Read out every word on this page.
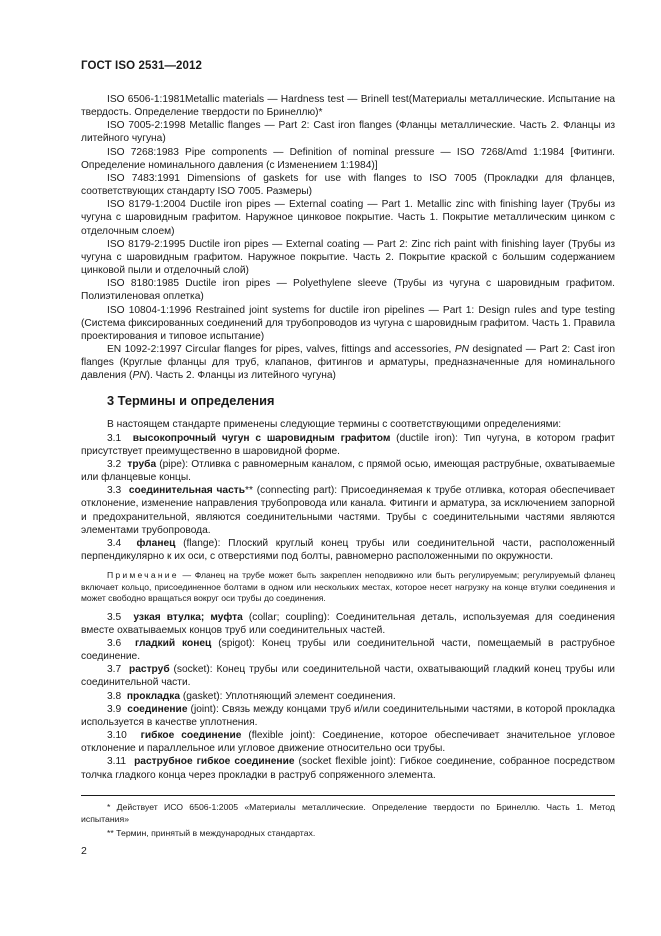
ГОСТ ISO 2531—2012

ISO 6506-1:1981Metallic materials — Hardness test — Brinell test(Материалы металлические. Испытание на твердость. Определение твердости по Бринеллю)*

ISO 7005-2:1998 Metallic flanges — Part 2: Cast iron flanges (Фланцы металлические. Часть 2. Фланцы из литейного чугуна)

ISO 7268:1983 Pipe components — Definition of nominal pressure — ISO 7268/Amd 1:1984 [Фитинги. Определение номинального давления (с Изменением 1:1984)]

ISO 7483:1991 Dimensions of gaskets for use with flanges to ISO 7005 (Прокладки для фланцев, соответствующих стандарту ISO 7005. Размеры)

ISO 8179-1:2004 Ductile iron pipes — External coating — Part 1. Metallic zinc with finishing layer (Трубы из чугуна с шаровидным графитом. Наружное цинковое покрытие. Часть 1. Покрытие металлическим цинком с отделочным слоем)

ISO 8179-2:1995 Ductile iron pipes — External coating — Part 2: Zinc rich paint with finishing layer (Трубы из чугуна с шаровидным графитом. Наружное покрытие. Часть 2. Покрытие краской с большим содержанием цинковой пыли и отделочный слой)

ISO 8180:1985 Ductile iron pipes — Polyethylene sleeve (Трубы из чугуна с шаровидным графитом. Полиэтиленовая оплетка)

ISO 10804-1:1996 Restrained joint systems for ductile iron pipelines — Part 1: Design rules and type testing (Система фиксированных соединений для трубопроводов из чугуна с шаровидным графитом. Часть 1. Правила проектирования и типовое испытание)

EN 1092-2:1997 Circular flanges for pipes, valves, fittings and accessories, PN designated — Part 2: Cast iron flanges (Круглые фланцы для труб, клапанов, фитингов и арматуры, предназначенные для номинального давления (PN). Часть 2. Фланцы из литейного чугуна)

3 Термины и определения

В настоящем стандарте применены следующие термины с соответствующими определениями:

3.1 высокопрочный чугун с шаровидным графитом (ductile iron): Тип чугуна, в котором графит присутствует преимущественно в шаровидной форме.

3.2 труба (pipe): Отливка с равномерным каналом, с прямой осью, имеющая раструбные, охватываемые или фланцевые концы.

3.3 соединительная часть** (connecting part): Присоединяемая к трубе отливка, которая обеспечивает отклонение, изменение направления трубопровода или канала. Фитинги и арматура, за исключением запорной и предохранительной, являются соединительными частями. Трубы с соединительными частями являются элементами трубопровода.

3.4 фланец (flange): Плоский круглый конец трубы или соединительной части, расположенный перпендикулярно к их оси, с отверстиями под болты, равномерно расположенными по окружности.

Примечание — Фланец на трубе может быть закреплен неподвижно или быть регулируемым; регулируемый фланец включает кольцо, присоединенное болтами в одном или нескольких местах, которое несет нагрузку на конце втулки соединения и может свободно вращаться вокруг оси трубы до соединения.

3.5 узкая втулка; муфта (collar; coupling): Соединительная деталь, используемая для соединения вместе охватываемых концов труб или соединительных частей.

3.6 гладкий конец (spigot): Конец трубы или соединительной части, помещаемый в раструбное соединение.

3.7 раструб (socket): Конец трубы или соединительной части, охватывающий гладкий конец трубы или соединительной части.

3.8 прокладка (gasket): Уплотняющий элемент соединения.

3.9 соединение (joint): Связь между концами труб и/или соединительными частями, в которой прокладка используется в качестве уплотнения.

3.10 гибкое соединение (flexible joint): Соединение, которое обеспечивает значительное угловое отклонение и параллельное или угловое движение относительно оси трубы.

3.11 раструбное гибкое соединение (socket flexible joint): Гибкое соединение, собранное посредством толчка гладкого конца через прокладки в раструб сопряженного элемента.

* Действует ИСО 6506-1:2005 «Материалы металлические. Определение твердости по Бринеллю. Часть 1. Метод испытания»

** Термин, принятый в международных стандартах.

2
